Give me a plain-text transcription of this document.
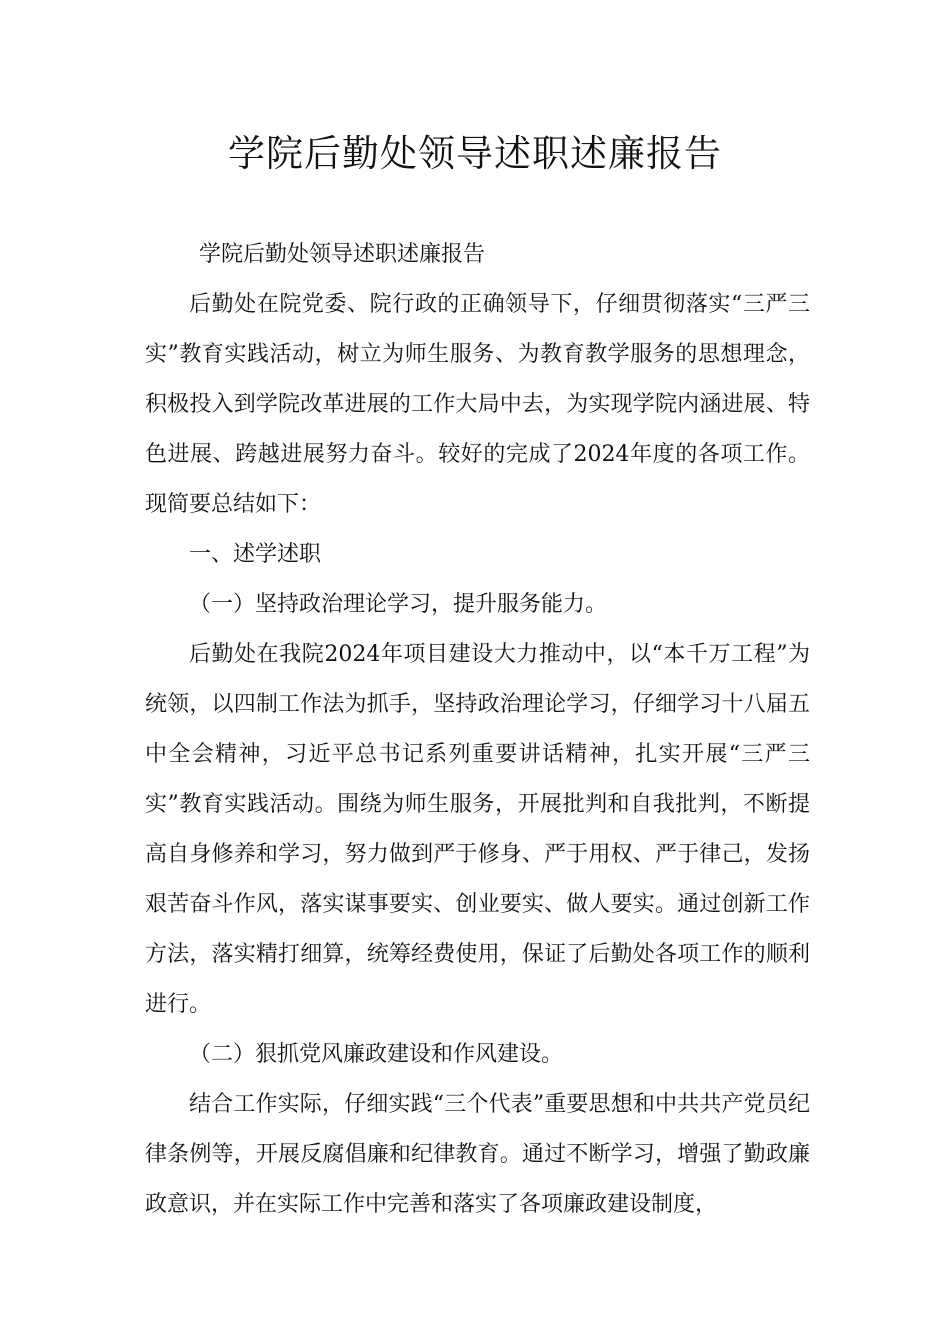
学院后勤处领导述职述廉报告

学院后勤处领导述职述廉报告

后勤处在院党委、院行政的正确领导下，仔细贯彻落实“三严三实”教育实践活动，树立为师生服务、为教育教学服务的思想理念，积极投入到学院改革进展的工作大局中去，为实现学院内涵进展、特色进展、跨越进展努力奋斗。较好的完成了2024年度的各项工作。现简要总结如下：

一、述学述职

（一）坚持政治理论学习，提升服务能力。

后勤处在我院2024年项目建设大力推动中，以“本千万工程”为统领，以四制工作法为抓手，坚持政治理论学习，仔细学习十八届五中全会精神，习近平总书记系列重要讲话精神，扎实开展“三严三实”教育实践活动。围绕为师生服务，开展批判和自我批判，不断提高自身修养和学习，努力做到严于修身、严于用权、严于律己，发扬艰苦奋斗作风，落实谋事要实、创业要实、做人要实。通过创新工作方法，落实精打细算，统筹经费使用，保证了后勤处各项工作的顺利进行。

（二）狠抓党风廉政建设和作风建设。

结合工作实际，仔细实践“三个代表”重要思想和中共共产党员纪律条例等，开展反腐倡廉和纪律教育。通过不断学习，增强了勤政廉政意识，并在实际工作中完善和落实了各项廉政建设制度，
